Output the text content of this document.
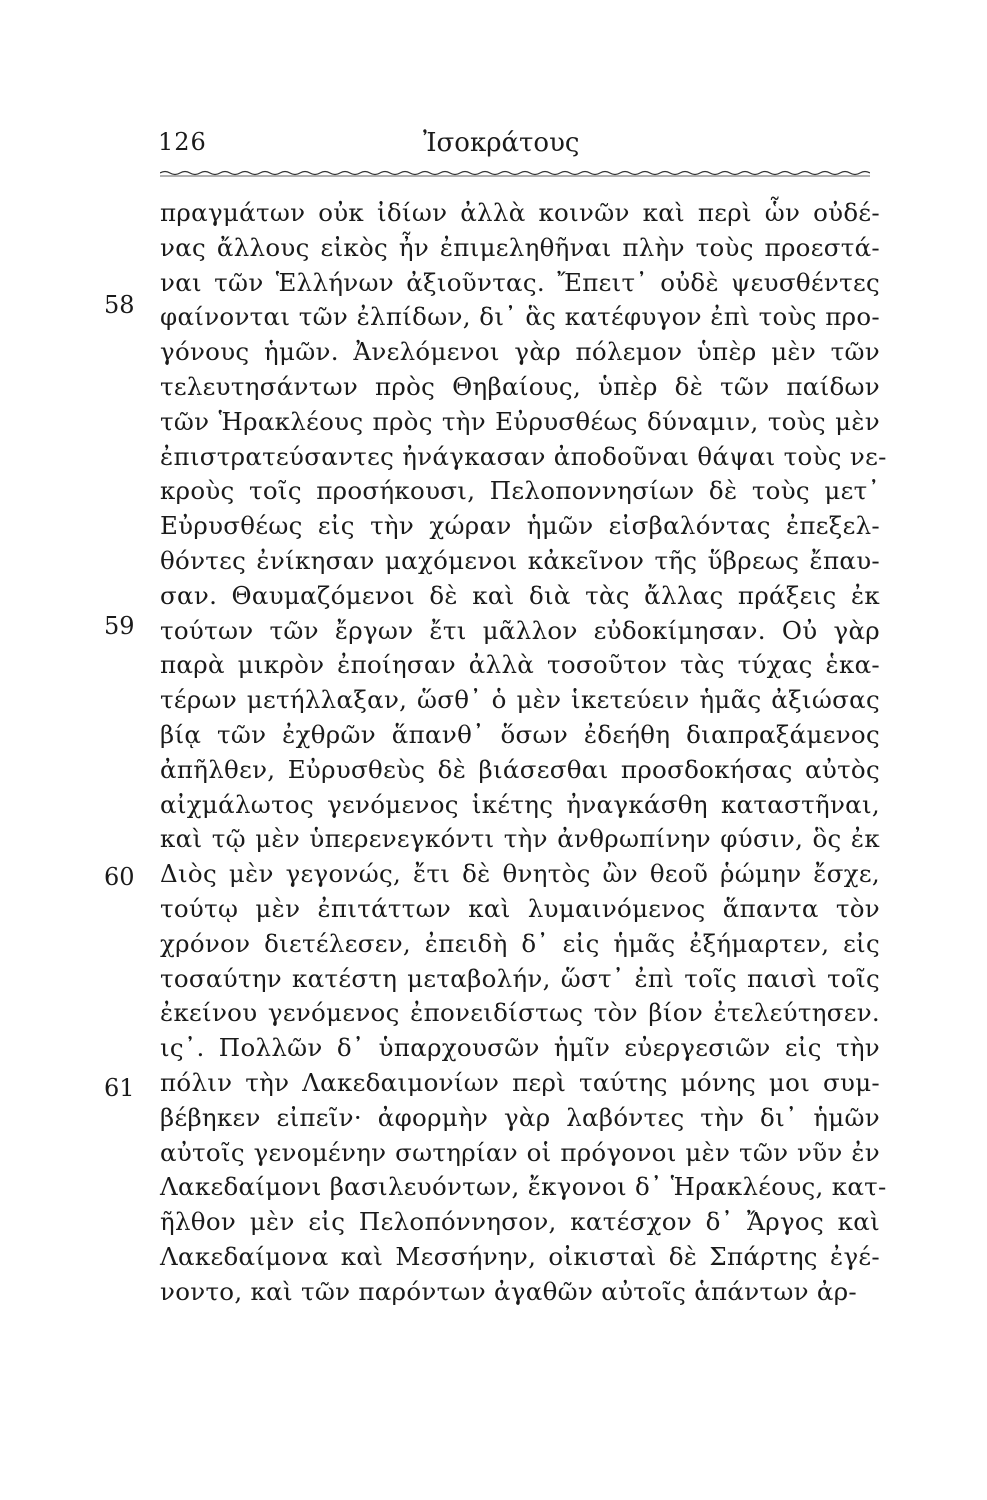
126	Ἰσοκράτους
58
59
60
61
πραγμάτων οὐκ ἰδίων ἀλλὰ κοινῶν καὶ περὶ ὧν οὐδέ-
νας ἄλλους εἰκὸς ἦν ἐπιμεληθῆναι πλὴν τοὺς προεστά-
ναι τῶν Ἑλλήνων ἀξιοῦντας. Ἔπειτ᾽ οὐδὲ ψευσθέντες
φαίνονται τῶν ἐλπίδων, δι᾽ ἃς κατέφυγον ἐπὶ τοὺς προ-
γόνους ἡμῶν. Ἀνελόμενοι γὰρ πόλεμον ὑπὲρ μὲν τῶν
τελευτησάντων πρὸς Θηβαίους, ὑπὲρ δὲ τῶν παίδων
τῶν Ἡρακλέους πρὸς τὴν Εὐρυσθέως δύναμιν, τοὺς μὲν
ἐπιστρατεύσαντες ἠνάγκασαν ἀποδοῦναι θάψαι τοὺς νε-
κροὺς τοῖς προσήκουσι, Πελοποννησίων δὲ τοὺς μετ᾽
Εὐρυσθέως εἰς τὴν χώραν ἡμῶν εἰσβαλόντας ἐπεξελ-
θόντες ἐνίκησαν μαχόμενοι κἀκεῖνον τῆς ὕβρεως ἔπαυ-
σαν. Θαυμαζόμενοι δὲ καὶ διὰ τὰς ἄλλας πράξεις ἐκ
τούτων τῶν ἔργων ἔτι μᾶλλον εὐδοκίμησαν. Οὐ γὰρ
παρὰ μικρὸν ἐποίησαν ἀλλὰ τοσοῦτον τὰς τύχας ἑκα-
τέρων μετήλλαξαν, ὥσθ᾽ ὁ μὲν ἱκετεύειν ἡμᾶς ἀξιώσας
βίᾳ τῶν ἐχθρῶν ἅπανθ᾽ ὅσων ἐδεήθη διαπραξάμενος
ἀπῆλθεν, Εὐρυσθεὺς δὲ βιάσεσθαι προσδοκήσας αὐτὸς
αἰχμάλωτος γενόμενος ἱκέτης ἠναγκάσθη καταστῆναι,
καὶ τῷ μὲν ὑπερενεγκόντι τὴν ἀνθρωπίνην φύσιν, ὃς ἐκ
Διὸς μὲν γεγονώς, ἔτι δὲ θνητὸς ὢν θεοῦ ῥώμην ἔσχε,
τούτῳ μὲν ἐπιτάττων καὶ λυμαινόμενος ἅπαντα τὸν
χρόνον διετέλεσεν, ἐπειδὴ δ᾽ εἰς ἡμᾶς ἐξήμαρτεν, εἰς
τοσαύτην κατέστη μεταβολήν, ὥστ᾽ ἐπὶ τοῖς παισὶ τοῖς
ἐκείνου γενόμενος ἐπονειδίστως τὸν βίον ἐτελεύτησεν.
ις᾽. Πολλῶν δ᾽ ὑπαρχουσῶν ἡμῖν εὐεργεσιῶν εἰς τὴν
πόλιν τὴν Λακεδαιμονίων περὶ ταύτης μόνης μοι συμ-
βέβηκεν εἰπεῖν· ἀφορμὴν γὰρ λαβόντες τὴν δι᾽ ἡμῶν
αὐτοῖς γενομένην σωτηρίαν οἱ πρόγονοι μὲν τῶν νῦν ἐν
Λακεδαίμονι βασιλευόντων, ἔκγονοι δ᾽ Ἡρακλέους, κατ-
ῆλθον μὲν εἰς Πελοπόννησον, κατέσχον δ᾽ Ἄργος καὶ
Λακεδαίμονα καὶ Μεσσήνην, οἰκισταὶ δὲ Σπάρτης ἐγέ-
νοντο, καὶ τῶν παρόντων ἀγαθῶν αὐτοῖς ἁπάντων ἀρ-
